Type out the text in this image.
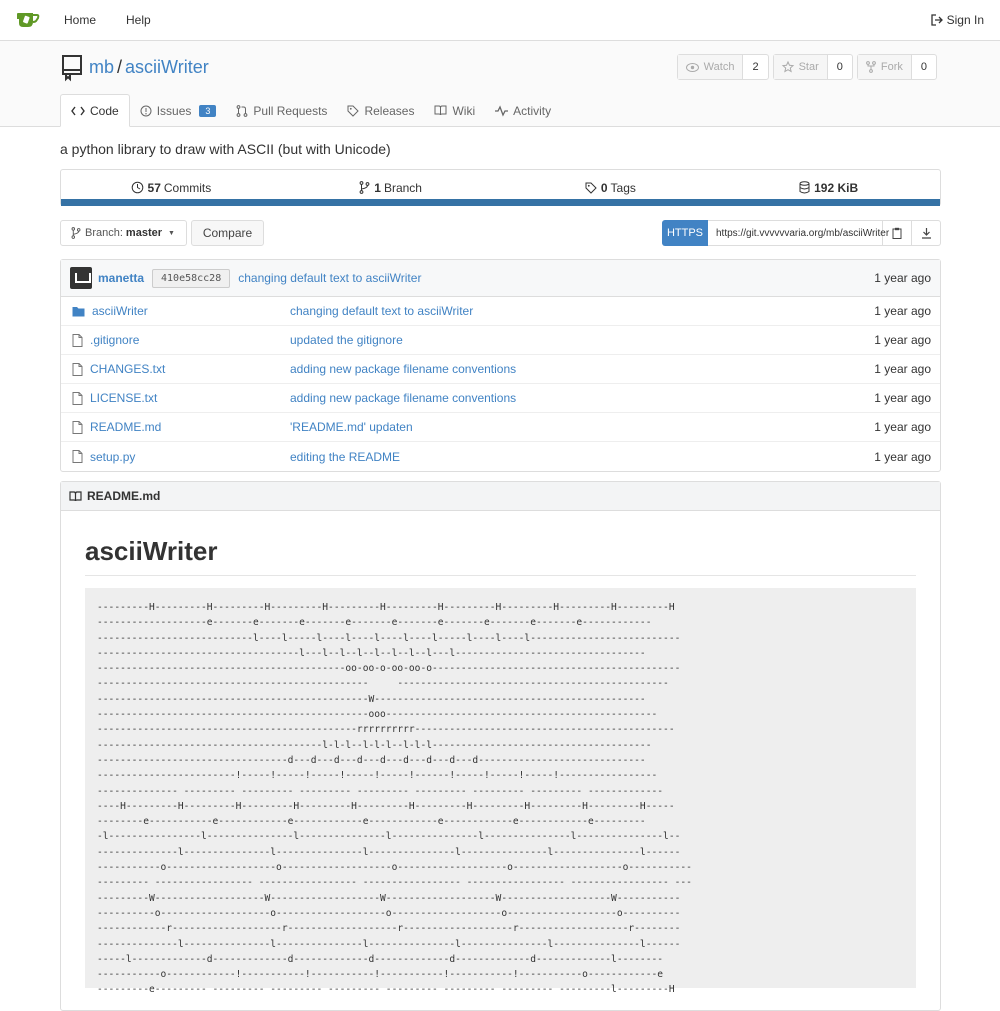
Home	Help	Sign In
mb / asciiWriter	Watch	2	Star	0	Fork	0
Code	Issues	3	Pull Requests	Releases	Wiki	Activity
a python library to draw with ASCII (but with Unicode)
57 Commits	1 Branch	0 Tags	192 KiB
Branch: master ▼	Compare	HTTPS	https://git.vvvvvvaria.org/mb/asciiWriter
manetta	410e58cc28	changing default text to asciiWriter	1 year ago
asciiWriter	changing default text to asciiWriter	1 year ago
.gitignore	updated the gitignore	1 year ago
CHANGES.txt	adding new package filename conventions	1 year ago
LICENSE.txt	adding new package filename conventions	1 year ago
README.md	'README.md' updaten	1 year ago
setup.py	editing the README	1 year ago
README.md
asciiWriter
---------H---------H---------H---------H---------H---------H---------H---------H---------H---------H
-------------------e-------e-------e-------e-------e-------e-------e-------e-------e------------
---------------------------l----l-----l----l----l----l----l-----l----l----l--------------------------
-----------------------------------l---l--l--l--l--l--l--l---l---------------------------------
-------------------------------------------oo-oo-o-oo-oo-o-------------------------------------------
-----------------------------------------------     -----------------------------------------------
-----------------------------------------------W-----------------------------------------------
-----------------------------------------------ooo-----------------------------------------------
---------------------------------------------rrrrrrrrrr---------------------------------------------
---------------------------------------l-l-l--l-l-l--l-l-l--------------------------------------
---------------------------------d---d---d---d---d---d---d---d---d-----------------------------
------------------------!-----!-----!-----!-----!-----!------!-----!-----!-----!-----------------
-------------- --------- --------- --------- --------- --------- --------- --------- -------------
----H---------H---------H---------H---------H---------H---------H---------H---------H---------H-----
--------e-----------e------------e------------e------------e------------e------------e---------
-l----------------l---------------l---------------l---------------l---------------l---------------l--
--------------l---------------l---------------l---------------l---------------l---------------l------
-----------o-------------------o-------------------o-------------------o-------------------o-----------
--------- ----------------- ----------------- ----------------- ----------------- ----------------- ---
---------W-------------------W-------------------W-------------------W-------------------W-----------
----------o-------------------o-------------------o-------------------o-------------------o----------
------------r-------------------r-------------------r-------------------r-------------------r--------
--------------l---------------l---------------l---------------l---------------l---------------l------
-----l-------------d-------------d-------------d-------------d-------------d-------------l--------
-----------o------------!-----------!-----------!-----------!-----------!-----------o------------e
---------e--------- --------- --------- --------- --------- --------- --------- ---------l---------H
